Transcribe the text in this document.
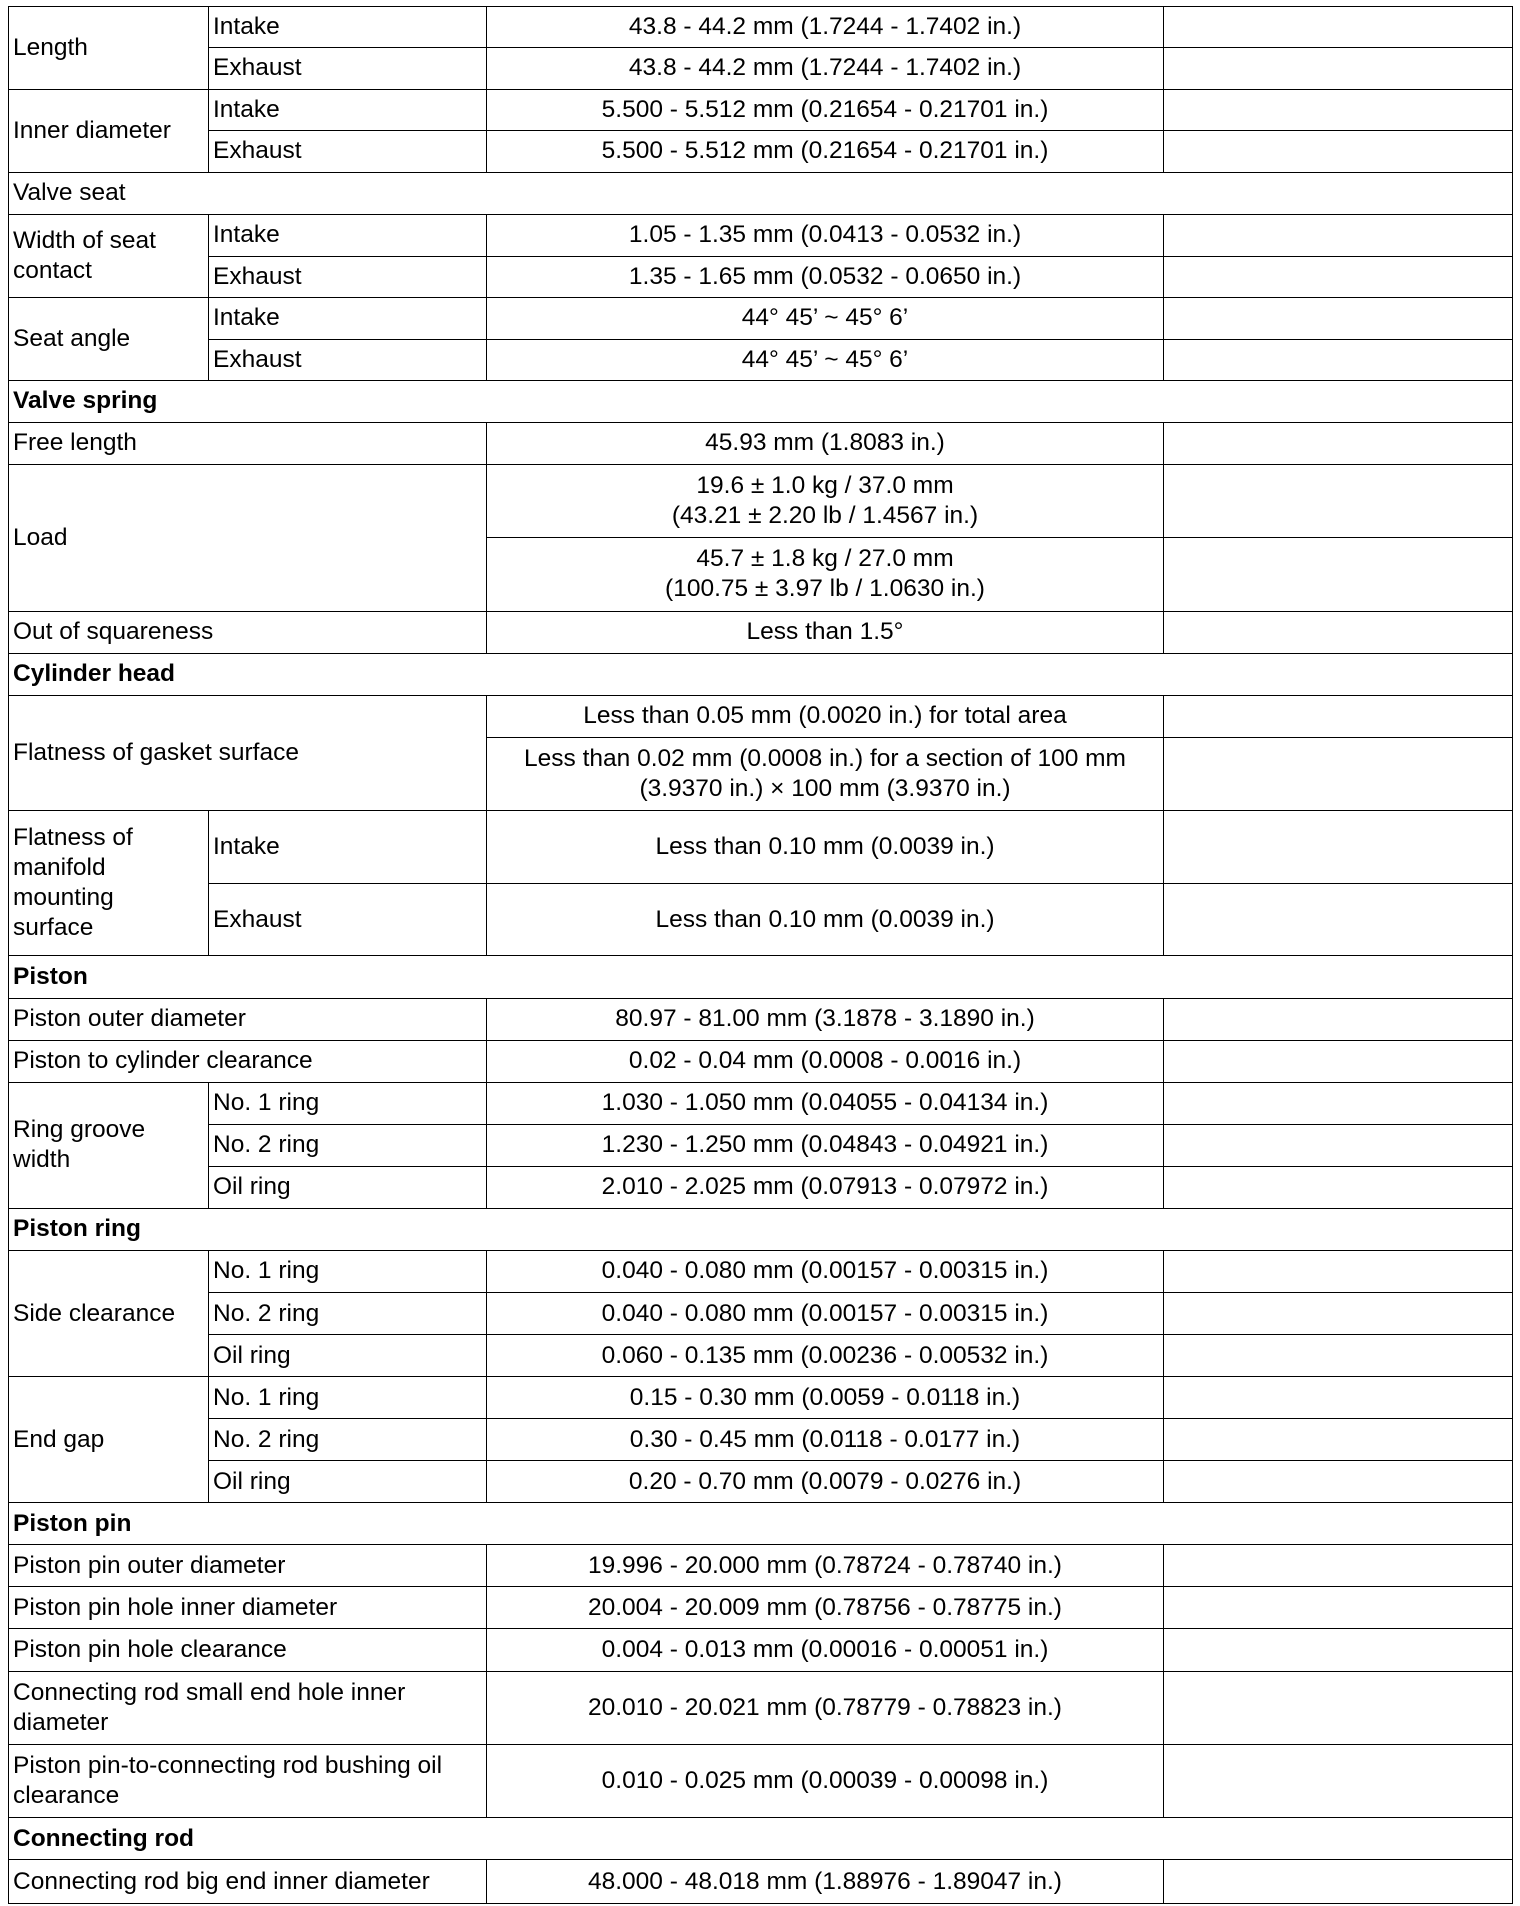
Length	Intake	43.8 - 44.2 mm (1.7244 - 1.7402 in.)	
	Exhaust	43.8 - 44.2 mm (1.7244 - 1.7402 in.)	
Inner diameter	Intake	5.500 - 5.512 mm (0.21654 - 0.21701 in.)	
	Exhaust	5.500 - 5.512 mm (0.21654 - 0.21701 in.)	
Valve seat			

Width of seat
contact	Intake	1.05 - 1.35 mm (0.0413 - 0.0532 in.)	
	Exhaust	1.35 - 1.65 mm (0.0532 - 0.0650 in.)	
Seat angle	Intake	44° 45’ ~ 45° 6’	
	Exhaust	44° 45’ ~ 45° 6’	
Valve spring			
Free length		45.93 mm (1.8083 in.)	
Load		19.6 ± 1.0 kg / 37.0 mm
(43.21 ± 2.20 lb / 1.4567 in.)	

		45.7 ± 1.8 kg / 27.0 mm
(100.75 ± 3.97 lb / 1.0630 in.)	

Out of squareness		Less than 1.5°	
Cylinder head			
Flatness of gasket surface		Less than 0.05 mm (0.0020 in.) for total area	

		Less than 0.02 mm (0.0008 in.) for a section of 100 mm
(3.9370 in.) × 100 mm (3.9370 in.)	

Flatness of
manifold
mounting
surface	Intake	Less than 0.10 mm (0.0039 in.)	
	Exhaust	Less than 0.10 mm (0.0039 in.)	
Piston			
Piston outer diameter		80.97 - 81.00 mm (3.1878 - 3.1890 in.)	
Piston to cylinder clearance		0.02 - 0.04 mm (0.0008 - 0.0016 in.)	

Ring groove
width	No. 1 ring	1.030 - 1.050 mm (0.04055 - 0.04134 in.)	
	No. 2 ring	1.230 - 1.250 mm (0.04843 - 0.04921 in.)	
	Oil ring	2.010 - 2.025 mm (0.07913 - 0.07972 in.)	
Piston ring			
Side clearance	No. 1 ring	0.040 - 0.080 mm (0.00157 - 0.00315 in.)	
	No. 2 ring	0.040 - 0.080 mm (0.00157 - 0.00315 in.)	
	Oil ring	0.060 - 0.135 mm (0.00236 - 0.00532 in.)	
End gap	No. 1 ring	0.15 - 0.30 mm (0.0059 - 0.0118 in.)	
	No. 2 ring	0.30 - 0.45 mm (0.0118 - 0.0177 in.)	
	Oil ring	0.20 - 0.70 mm (0.0079 - 0.0276 in.)	
Piston pin			
Piston pin outer diameter		19.996 - 20.000 mm (0.78724 - 0.78740 in.)	
Piston pin hole inner diameter		20.004 - 20.009 mm (0.78756 - 0.78775 in.)	
Piston pin hole clearance		0.004 - 0.013 mm (0.00016 - 0.00051 in.)	

Connecting rod small end hole inner
diameter		20.010 - 20.021 mm (0.78779 - 0.78823 in.)	

Piston pin-to-connecting rod bushing oil
clearance		0.010 - 0.025 mm (0.00039 - 0.00098 in.)	
Connecting rod			
Connecting rod big end inner diameter		48.000 - 48.018 mm (1.88976 - 1.89047 in.)	
